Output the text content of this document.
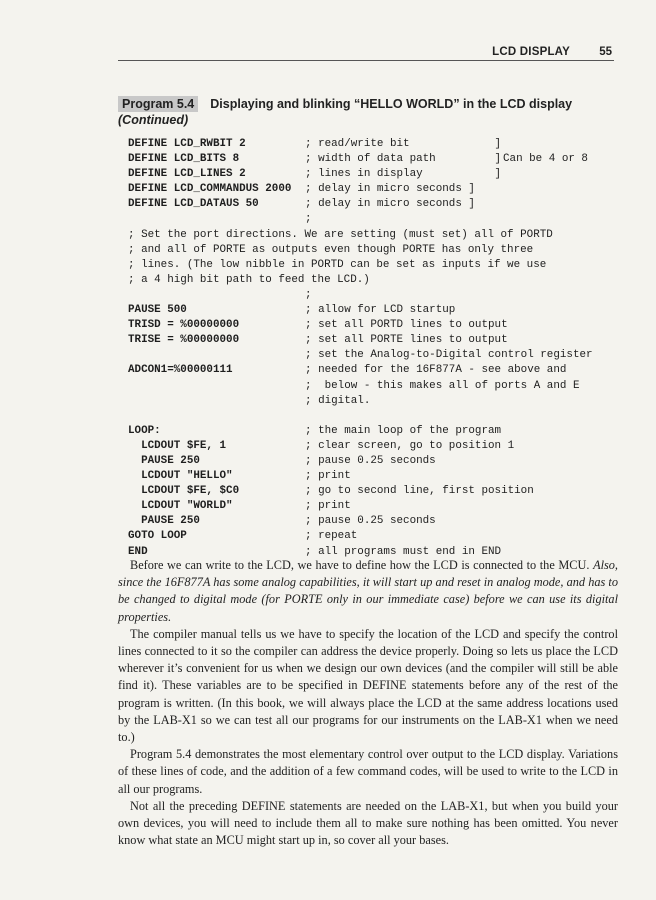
LCD DISPLAY	55
Program 5.4 Displaying and blinking “HELLO WORLD” in the LCD display
(Continued)
DEFINE LCD_RWBIT 2	; read/write bit             ]
DEFINE LCD_BITS 8	; width of data path         ] Can be 4 or 8
DEFINE LCD_LINES 2	; lines in display           ]
DEFINE LCD_COMMANDUS 2000 ; delay in micro seconds ]
DEFINE LCD_DATAUS 50	; delay in micro seconds ]
;
; Set the port directions. We are setting (must set) all of PORTD
; and all of PORTE as outputs even though PORTE has only three
; lines. (The low nibble in PORTD can be set as inputs if we use
; a 4 high bit path to feed the LCD.)
;
PAUSE 500	; allow for LCD startup
TRISD = %00000000	; set all PORTD lines to output
TRISE = %00000000	; set all PORTE lines to output
; set the Analog-to-Digital control register
ADCON1=%00000111	; needed for the 16F877A - see above and
;  below - this makes all of ports A and E
; digital.
LOOP:	; the main loop of the program
LCDOUT $FE, 1	; clear screen, go to position 1
PAUSE 250	; pause 0.25 seconds
LCDOUT "HELLO"	; print
LCDOUT $FE, $C0	; go to second line, first position
LCDOUT "WORLD"	; print
PAUSE 250	; pause 0.25 seconds
GOTO LOOP	; repeat
END	; all programs must end in END

Before we can write to the LCD, we have to define how the LCD is connected to the MCU. Also, since the 16F877A has some analog capabilities, it will start up and reset in analog mode, and has to be changed to digital mode (for PORTE only in our immediate case) before we can use its digital properties.

The compiler manual tells us we have to specify the location of the LCD and specify the control lines connected to it so the compiler can address the device properly. Doing so lets us place the LCD wherever it’s convenient for us when we design our own devices (and the compiler will still be able find it). These variables are to be specified in DEFINE statements before any of the rest of the program is written. (In this book, we will always place the LCD at the same address locations used by the LAB-X1 so we can test all our programs for our instruments on the LAB-X1 when we need to.)

Program 5.4 demonstrates the most elementary control over output to the LCD display. Variations of these lines of code, and the addition of a few command codes, will be used to write to the LCD in all our programs.

Not all the preceding DEFINE statements are needed on the LAB-X1, but when you build your own devices, you will need to include them all to make sure nothing has been omitted. You never know what state an MCU might start up in, so cover all your bases.
